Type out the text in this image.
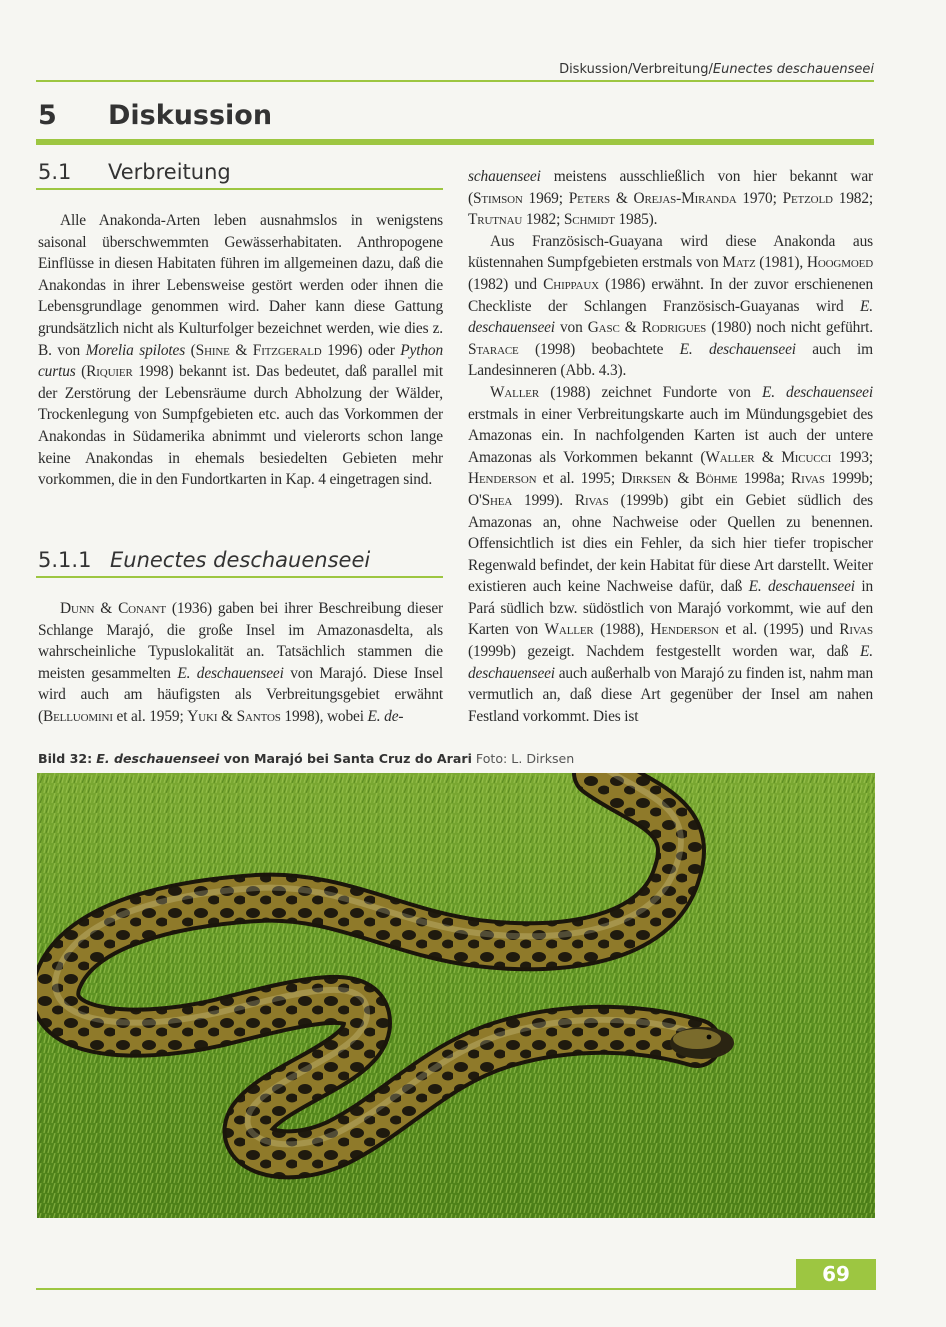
Diskussion/Verbreitung/Eunectes deschauenseei
5 Diskussion
5.1 Verbreitung

Alle Anakonda-Arten leben ausnahmslos in wenigstens saisonal überschwemmten Gewässerhabitaten. Anthropogene Einflüsse in diesen Habitaten führen im allgemeinen dazu, daß die Anakondas in ihrer Lebensweise gestört werden oder ihnen die Lebensgrundlage genommen wird. Daher kann diese Gattung grundsätzlich nicht als Kulturfolger bezeichnet werden, wie dies z. B. von Morelia spilotes (Shine & Fitzgerald 1996) oder Python curtus (Riquier 1998) bekannt ist. Das bedeutet, daß parallel mit der Zerstörung der Lebensräume durch Abholzung der Wälder, Trockenlegung von Sumpfgebieten etc. auch das Vorkommen der Anakondas in Südamerika abnimmt und vielerorts schon lange keine Anakondas in ehemals besiedelten Gebieten mehr vorkommen, die in den Fundortkarten in Kap. 4 eingetragen sind.

5.1.1 Eunectes deschauenseei

Dunn & Conant (1936) gaben bei ihrer Beschreibung dieser Schlange Marajó, die große Insel im Amazonasdelta, als wahrscheinliche Typuslokalität an. Tatsächlich stammen die meisten gesammelten E. deschauenseei von Marajó. Diese Insel wird auch am häufigsten als Verbreitungsgebiet erwähnt (Belluomini et al. 1959; Yuki & Santos 1998), wobei E. de-

schauenseei meistens ausschließlich von hier bekannt war (Stimson 1969; Peters & Orejas-Miranda 1970; Petzold 1982; Trutnau 1982; Schmidt 1985).

Aus Französisch-Guayana wird diese Anakonda aus küstennahen Sumpfgebieten erstmals von Matz (1981), Hoogmoed (1982) und Chippaux (1986) erwähnt. In der zuvor erschienenen Checkliste der Schlangen Französisch-Guayanas wird E. deschauenseei von Gasc & Rodrigues (1980) noch nicht geführt. Starace (1998) beobachtete E. deschauenseei auch im Landesinneren (Abb. 4.3).

Waller (1988) zeichnet Fundorte von E. deschauenseei erstmals in einer Verbreitungskarte auch im Mündungsgebiet des Amazonas ein. In nachfolgenden Karten ist auch der untere Amazonas als Vorkommen bekannt (Waller & Micucci 1993; Henderson et al. 1995; Dirksen & Böhme 1998a; Rivas 1999b; O'Shea 1999). Rivas (1999b) gibt ein Gebiet südlich des Amazonas an, ohne Nachweise oder Quellen zu benennen. Offensichtlich ist dies ein Fehler, da sich hier tiefer tropischer Regenwald befindet, der kein Habitat für diese Art darstellt. Weiter existieren auch keine Nachweise dafür, daß E. deschauenseei in Pará südlich bzw. südöstlich von Marajó vorkommt, wie auf den Karten von Waller (1988), Henderson et al. (1995) und Rivas (1999b) gezeigt. Nachdem festgestellt worden war, daß E. deschauenseei auch außerhalb von Marajó zu finden ist, nahm man vermutlich an, daß diese Art gegenüber der Insel am nahen Festland vorkommt. Dies ist

Bild 32: E. deschauenseei von Marajó bei Santa Cruz do Arari Foto: L. Dirksen
69
